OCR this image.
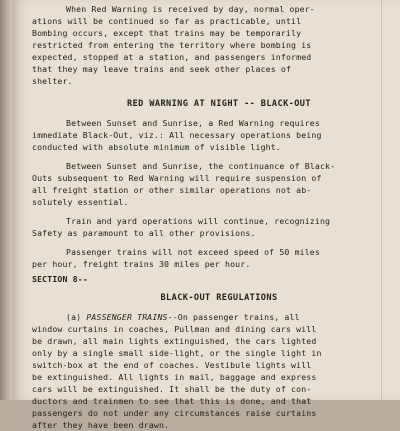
When Red Warning is received by day, normal oper-

ations will be continued so far as practicable, until

Bombing occurs, except that trains may be temporarily

restricted from entering the territory where bombing is

expected, stopped at a station, and passengers informed

that they may leave trains and seek other places of

shelter.

RED WARNING AT NIGHT -- BLACK-OUT

Between Sunset and Sunrise, a Red Warning requires

immediate Black-Out, viz.: All necessary operations being

conducted with absolute minimum of visible light.

Between Sunset and Sunrise, the continuance of Black-

Outs subsequent to Red Warning will require suspension of

all freight station or other similar operations not ab-

solutely essential.

Train and yard operations will continue, recognizing

Safety as paramount to all other provisions.

Passenger trains will not exceed speed of 50 miles

per hour, freight trains 30 miles per hour.

SECTION 8--

BLACK-OUT REGULATIONS

(a) PASSENGER TRAINS--On passenger trains, all

window curtains in coaches, Pullman and dining cars will

be drawn, all main lights extinguished, the cars lighted

only by a single small side-light, or the single light in

switch-box at the end of coaches. Vestibule lights will

be extinguished. All lights in mail, baggage and express

cars will be extinguished. It shall be the duty of con-

ductors and trainmen to see that this is done, and that

passengers do not under any circumstances raise curtains

after they have been drawn.
